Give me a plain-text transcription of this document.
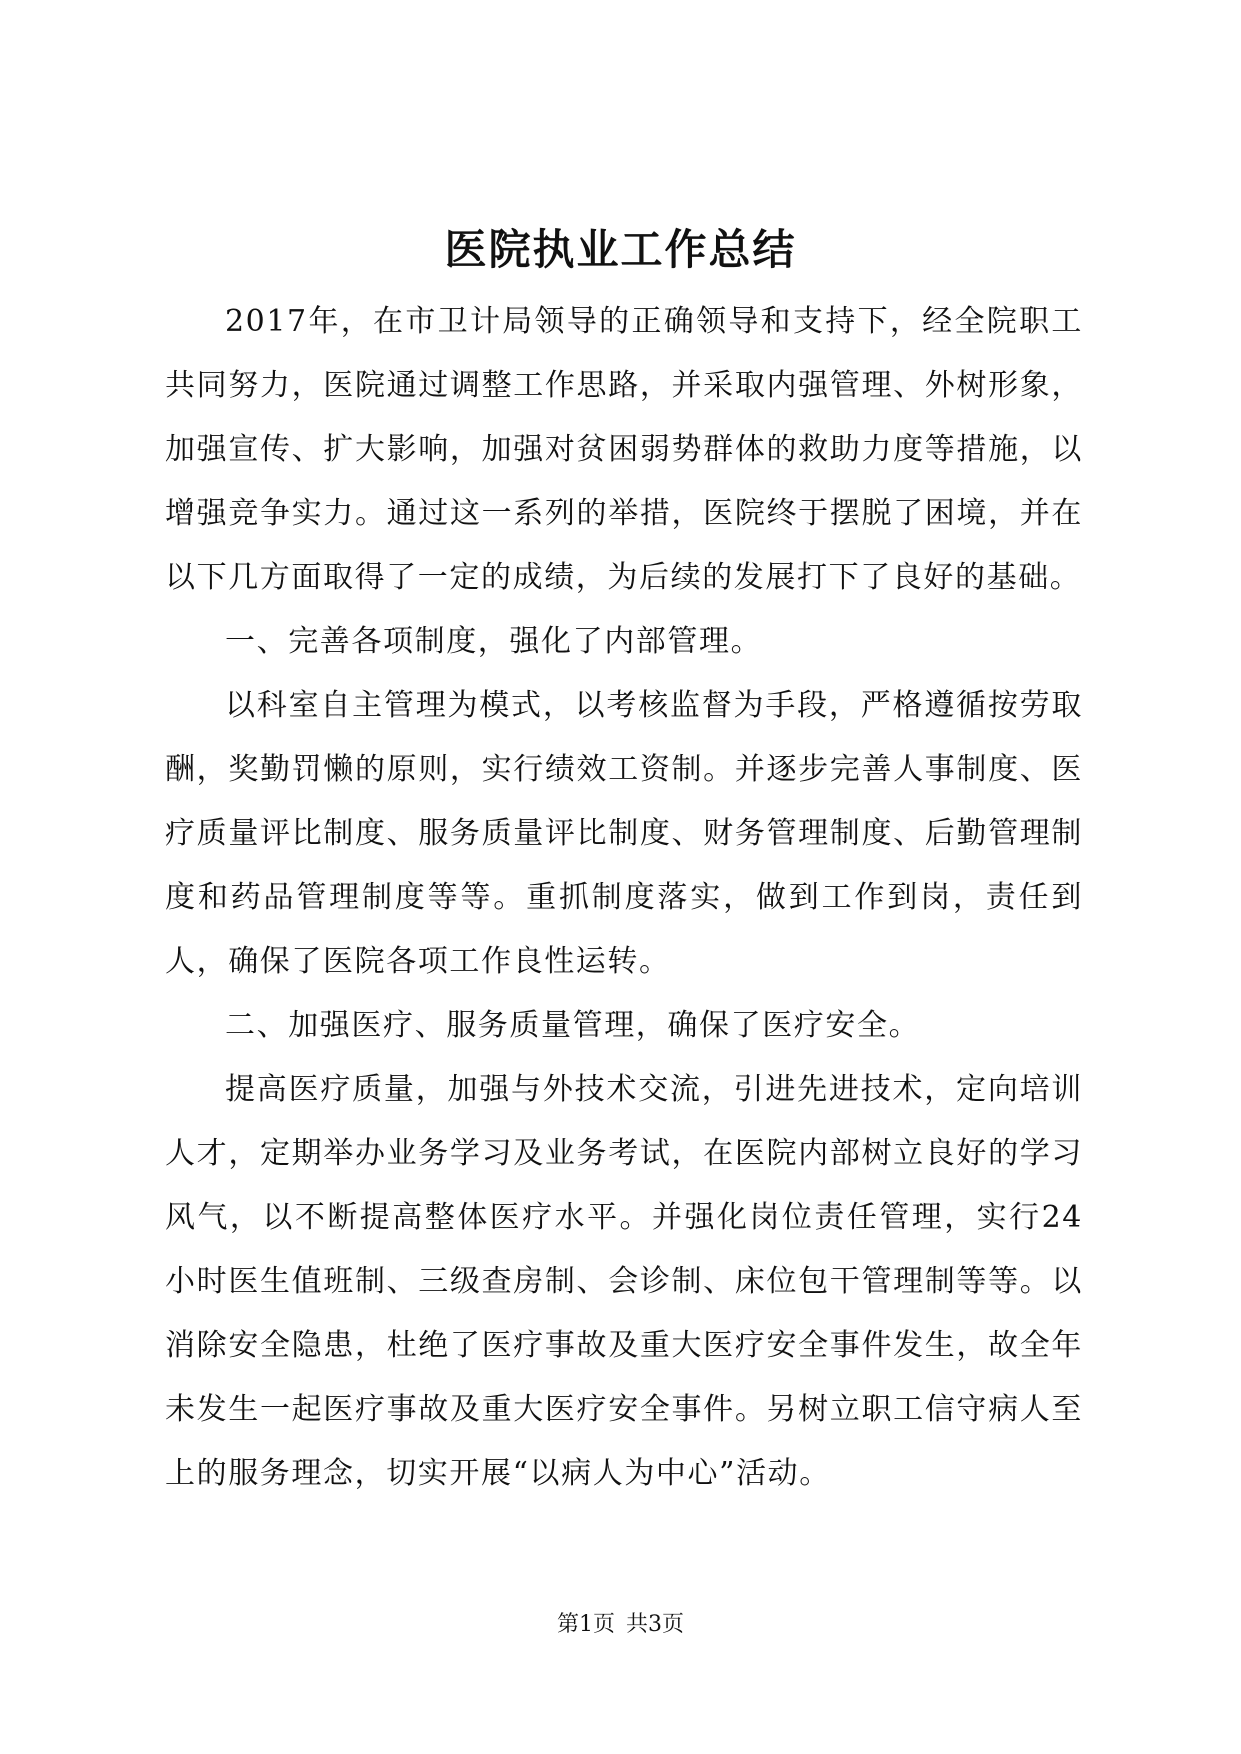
医院执业工作总结

2017年，在市卫计局领导的正确领导和支持下，经全院职工共同努力，医院通过调整工作思路，并采取内强管理、外树形象，加强宣传、扩大影响，加强对贫困弱势群体的救助力度等措施，以增强竞争实力。通过这一系列的举措，医院终于摆脱了困境，并在以下几方面取得了一定的成绩，为后续的发展打下了良好的基础。

一、完善各项制度，强化了内部管理。

以科室自主管理为模式，以考核监督为手段，严格遵循按劳取酬，奖勤罚懒的原则，实行绩效工资制。并逐步完善人事制度、医疗质量评比制度、服务质量评比制度、财务管理制度、后勤管理制度和药品管理制度等等。重抓制度落实，做到工作到岗，责任到人，确保了医院各项工作良性运转。

二、加强医疗、服务质量管理，确保了医疗安全。

提高医疗质量，加强与外技术交流，引进先进技术，定向培训人才，定期举办业务学习及业务考试，在医院内部树立良好的学习风气，以不断提高整体医疗水平。并强化岗位责任管理，实行24小时医生值班制、三级查房制、会诊制、床位包干管理制等等。以消除安全隐患，杜绝了医疗事故及重大医疗安全事件发生，故全年未发生一起医疗事故及重大医疗安全事件。另树立职工信守病人至上的服务理念，切实开展“以病人为中心”活动。

第1页 共3页
